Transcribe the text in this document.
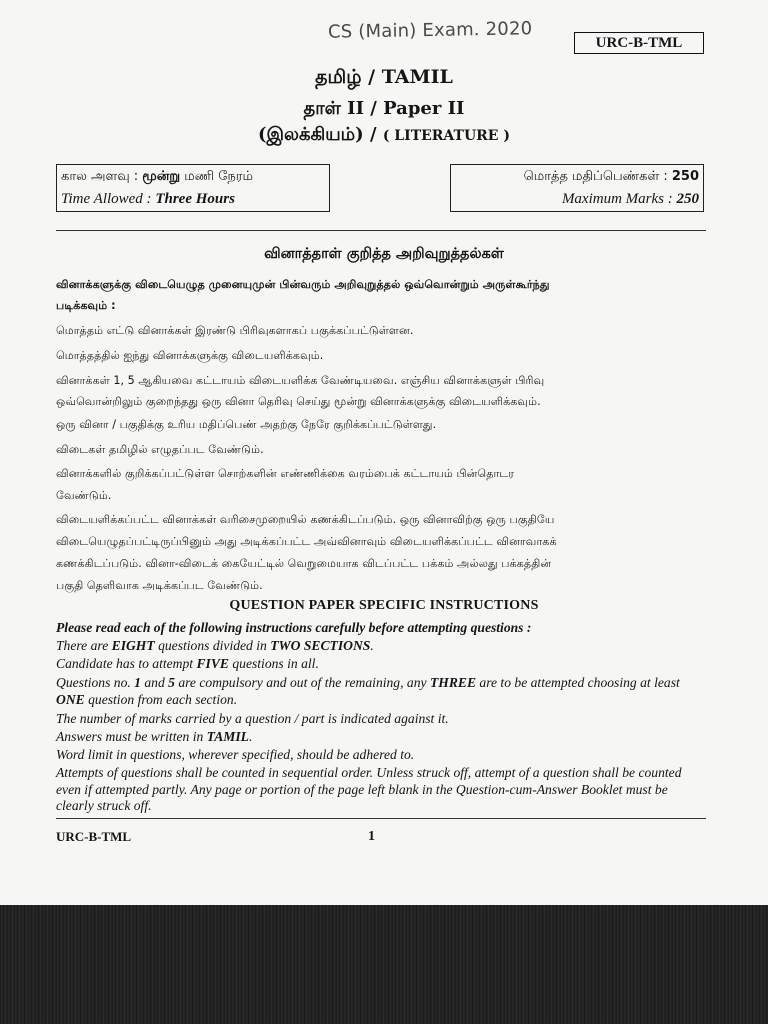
CS (Main) Exam. 2020
URC-B-TML
தமிழ் / TAMIL
தாள் II / Paper II
(இலக்கியம்) / ( LITERATURE )
கால அளவு : மூன்று மணி நேரம்
Time Allowed : Three Hours
மொத்த மதிப்பெண்கள் : 250
Maximum Marks : 250
வினாத்தாள் குறித்த அறிவுறுத்தல்கள்
வினாக்களுக்கு விடையெழுத முனையுமுன் பின்வரும் அறிவுறுத்தல் ஒவ்வொன்றும் அருள்கூர்ந்து
படிக்கவும் :
மொத்தம் எட்டு வினாக்கள் இரண்டு பிரிவுகளாகப் பகுக்கப்பட்டுள்ளன.
மொத்தத்தில் ஐந்து வினாக்களுக்கு விடையளிக்கவும்.
வினாக்கள் 1, 5 ஆகியவை கட்டாயம் விடையளிக்க வேண்டியவை. எஞ்சிய வினாக்களுள் பிரிவு
ஒவ்வொன்றிலும் குறைந்தது ஒரு வினா தெரிவு செய்து மூன்று வினாக்களுக்கு விடையளிக்கவும்.
ஒரு வினா / பகுதிக்கு உரிய மதிப்பெண் அதற்கு நேரே குறிக்கப்பட்டுள்ளது.
விடைகள் தமிழில் எழுதப்பட வேண்டும்.
வினாக்களில் குறிக்கப்பட்டுள்ள சொற்களின் எண்ணிக்கை வரம்பைக் கட்டாயம் பின்தொடர
வேண்டும்.
விடையளிக்கப்பட்ட வினாக்கள் வரிசைமுறையில் கணக்கிடப்படும். ஒரு வினாவிற்கு ஒரு பகுதியே
விடையெழுதப்பட்டிருப்பினும் அது அடிக்கப்பட்ட அவ்வினாவும் விடையளிக்கப்பட்ட வினாவாகக்
கணக்கிடப்படும். வினா-விடைக் கையேட்டில் வெறுமையாக விடப்பட்ட பக்கம் அல்லது பக்கத்தின்
பகுதி தெளிவாக அடிக்கப்பட வேண்டும்.
QUESTION PAPER SPECIFIC INSTRUCTIONS
Please read each of the following instructions carefully before attempting questions :
There are EIGHT questions divided in TWO SECTIONS.
Candidate has to attempt FIVE questions in all.
Questions no. 1 and 5 are compulsory and out of the remaining, any THREE are to be attempted choosing at least ONE question from each section.
The number of marks carried by a question / part is indicated against it.
Answers must be written in TAMIL.
Word limit in questions, wherever specified, should be adhered to.
Attempts of questions shall be counted in sequential order. Unless struck off, attempt of a question shall be counted even if attempted partly. Any page or portion of the page left blank in the Question-cum-Answer Booklet must be clearly struck off.
URC-B-TML	1
